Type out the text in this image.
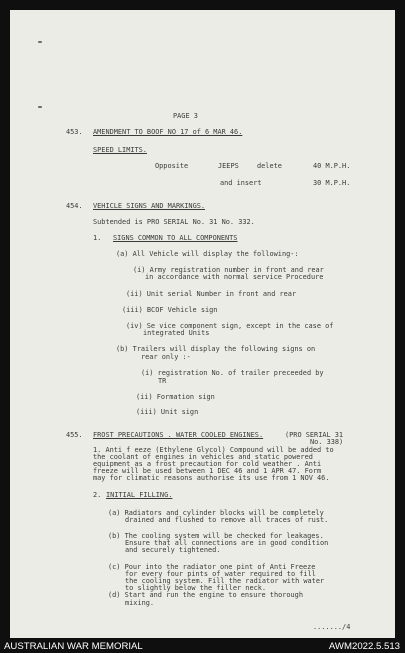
PAGE 3
453. AMENDMENT TO BOOF NO 17 of 6 MAR 46.
SPEED LIMITS.
Opposite	JEEPS	delete	40 M.P.H.
and insert	30 M.P.H.
454. VEHICLE SIGNS AND MARKINGS.
Subtended is PRO SERIAL No. 31 No. 332.
1. SIGNS COMMON TO ALL COMPONENTS
(a) All Vehicle will display the following-:
(i) Army registration number in front and rear
in accordance with normal service Procedure
(ii) Unit serial Number in front and rear
(iii) BCOF Vehicle sign
(iv) Se vice component sign, except in the case of
integrated Units
(b) Trailers will display the following signs on
rear only :-
(i) registration No. of trailer preceeded by
TR
(ii) Formation sign
(iii) Unit sign
455. FROST PRECAUTIONS . WATER COOLED ENGINES.	(PRO SERIAL 31
No. 338)
1. Anti f eeze (Ethylene Glycol) Compound will be added to
the coolant of engines in vehicles and static powered
equipment as a frost precaution for cold weather . Anti
freeze will be used between 1 DEC 46 and 1 APR 47. Form
may for climatic reasons authorise its use from 1 NOV 46.
2. INITIAL FILLING.
(a) Radiators and cylinder blocks will be completely
drained and flushed to remove all traces of rust.
(b) The cooling system will be checked for leakages.
Ensure that all connections are in good condition
and securely tightened.
(c) Pour into the radiator one pint of Anti Freeze
for every four pints of water required to fill
the cooling system. Fill the radiator with water
to slightly below the filler neck.
(d) Start and run the engine to ensure thorough
mixing.
......./4
AUSTRALIAN WAR MEMORIAL	AWM2022.5.513
